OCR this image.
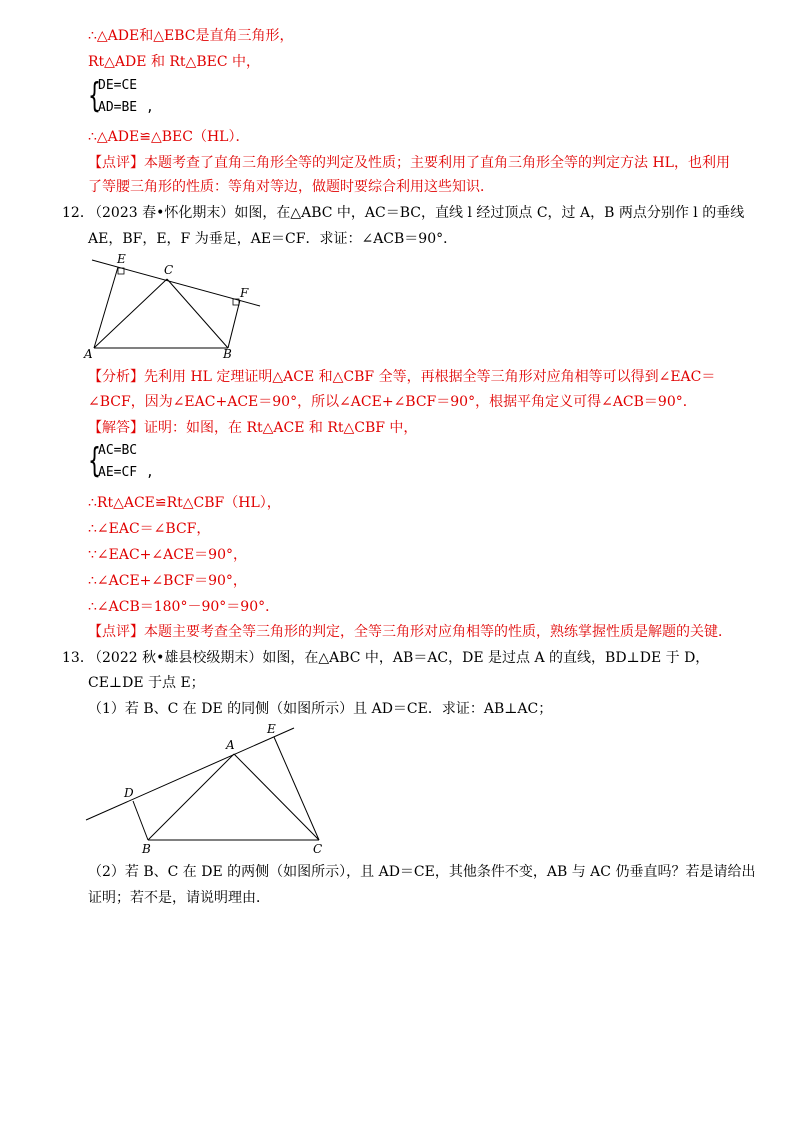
∴△ADE和△EBC是直角三角形，
Rt△ADE 和 Rt△BEC 中，
{
DE=CE
AD=BE ,
∴△ADE≌△BEC（HL）．
【点评】本题考查了直角三角形全等的判定及性质；主要利用了直角三角形全等的判定方法 HL，也利用
了等腰三角形的性质：等角对等边，做题时要综合利用这些知识．
12．
（2023 春•怀化期末）如图，在△ABC 中，AC＝BC，直线 l 经过顶点 C，过 A，B 两点分别作 l 的垂线
AE，BF，E，F 为垂足，AE＝CF．求证：∠ACB＝90°．
E
C
F
A	B
【分析】先利用 HL 定理证明△ACE 和△CBF 全等，再根据全等三角形对应角相等可以得到∠EAC＝
∠BCF，因为∠EAC+ACE＝90°，所以∠ACE+∠BCF＝90°，根据平角定义可得∠ACB＝90°．
【解答】证明：如图，在 Rt△ACE 和 Rt△CBF 中，
{
AC=BC
AE=CF ,
∴Rt△ACE≌Rt△CBF（HL），
∴∠EAC＝∠BCF，
∵∠EAC+∠ACE＝90°，
∴∠ACE+∠BCF＝90°，
∴∠ACB＝180°－90°＝90°．
【点评】本题主要考查全等三角形的判定，全等三角形对应角相等的性质，熟练掌握性质是解题的关键．
13．
（2022 秋•雄县校级期末）如图，在△ABC 中，AB＝AC，DE 是过点 A 的直线，BD⊥DE 于 D，
CE⊥DE 于点 E；
（1）若 B、C 在 DE 的同侧（如图所示）且 AD＝CE．求证：AB⊥AC；
A
E
D
B	C
（2）若 B、C 在 DE 的两侧（如图所示），且 AD＝CE，其他条件不变，AB 与 AC 仍垂直吗？若是请给出
证明；若不是，请说明理由．
